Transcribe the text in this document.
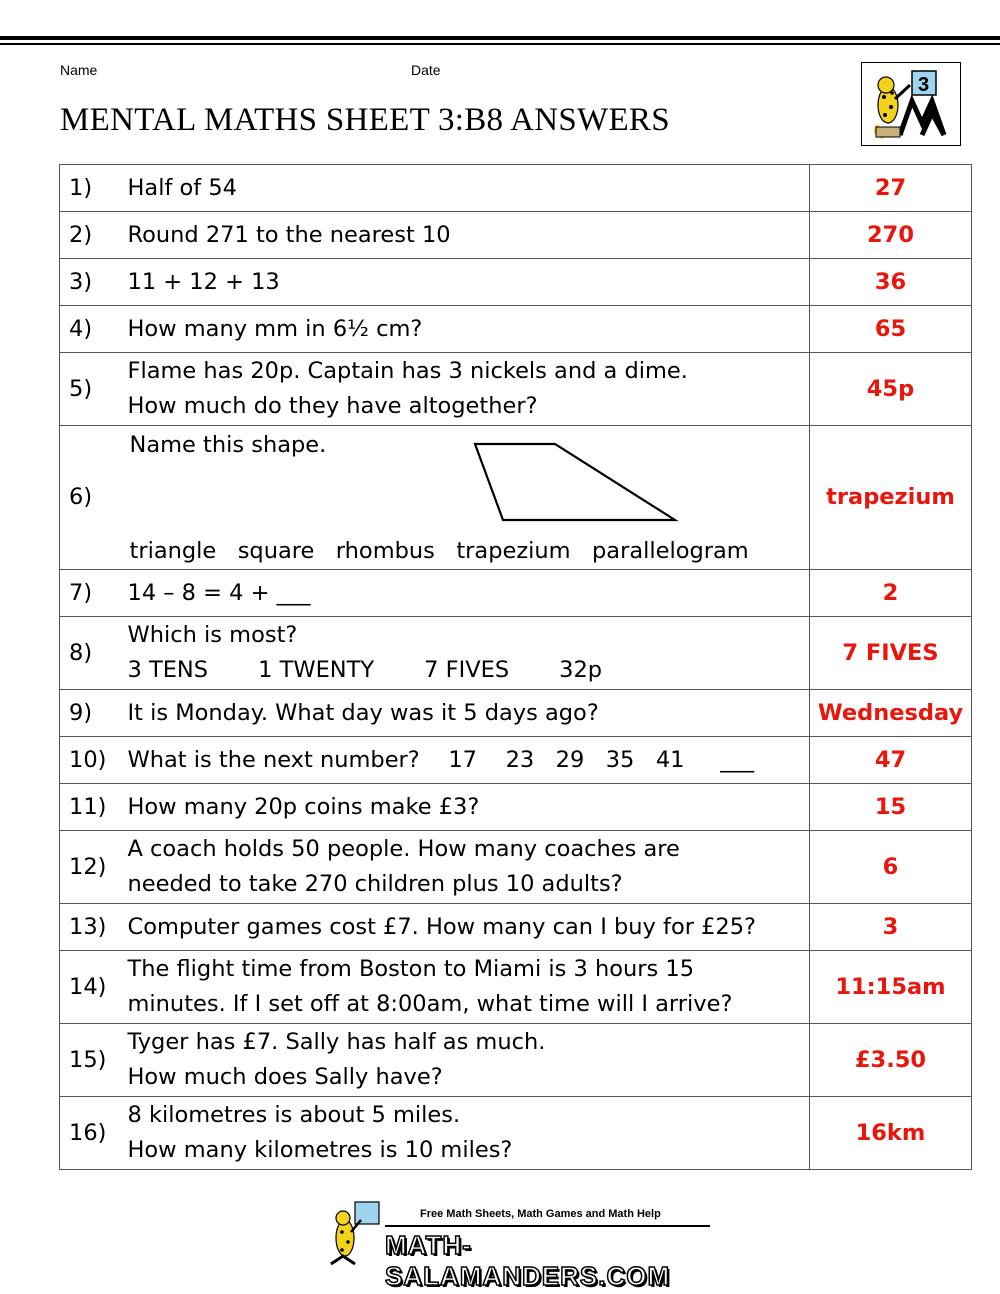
Name	Date
MENTAL MATHS SHEET 3:B8 ANSWERS
3
1)	Half of 54	27
2)	Round 271 to the nearest 10	270
3)	11 + 12 + 13	36
4)	How many mm in 6½ cm?	65
5)	Flame has 20p. Captain has 3 nickels and a dime.
How much do they have altogether?	45p
6)	Name this shape.
triangle   square   rhombus   trapezium   parallelogram	trapezium
7)	14 – 8 = 4 + ___	2
8)	Which is most?
3 TENS       1 TWENTY       7 FIVES       32p	7 FIVES
9)	It is Monday. What day was it 5 days ago?	Wednesday
10)	What is the next number?    17    23   29   35   41     ___	47
11)	How many 20p coins make £3?	15
12)	A coach holds 50 people. How many coaches are
needed to take 270 children plus 10 adults?	6
13)	Computer games cost £7. How many can I buy for £25?	3
14)	The flight time from Boston to Miami is 3 hours 15
minutes. If I set off at 8:00am, what time will I arrive?	11:15am
15)	Tyger has £7. Sally has half as much.
How much does Sally have?	£3.50
16)	8 kilometres is about 5 miles.
How many kilometres is 10 miles?	16km
Free Math Sheets, Math Games and Math Help
MATH-SALAMANDERS.COM
